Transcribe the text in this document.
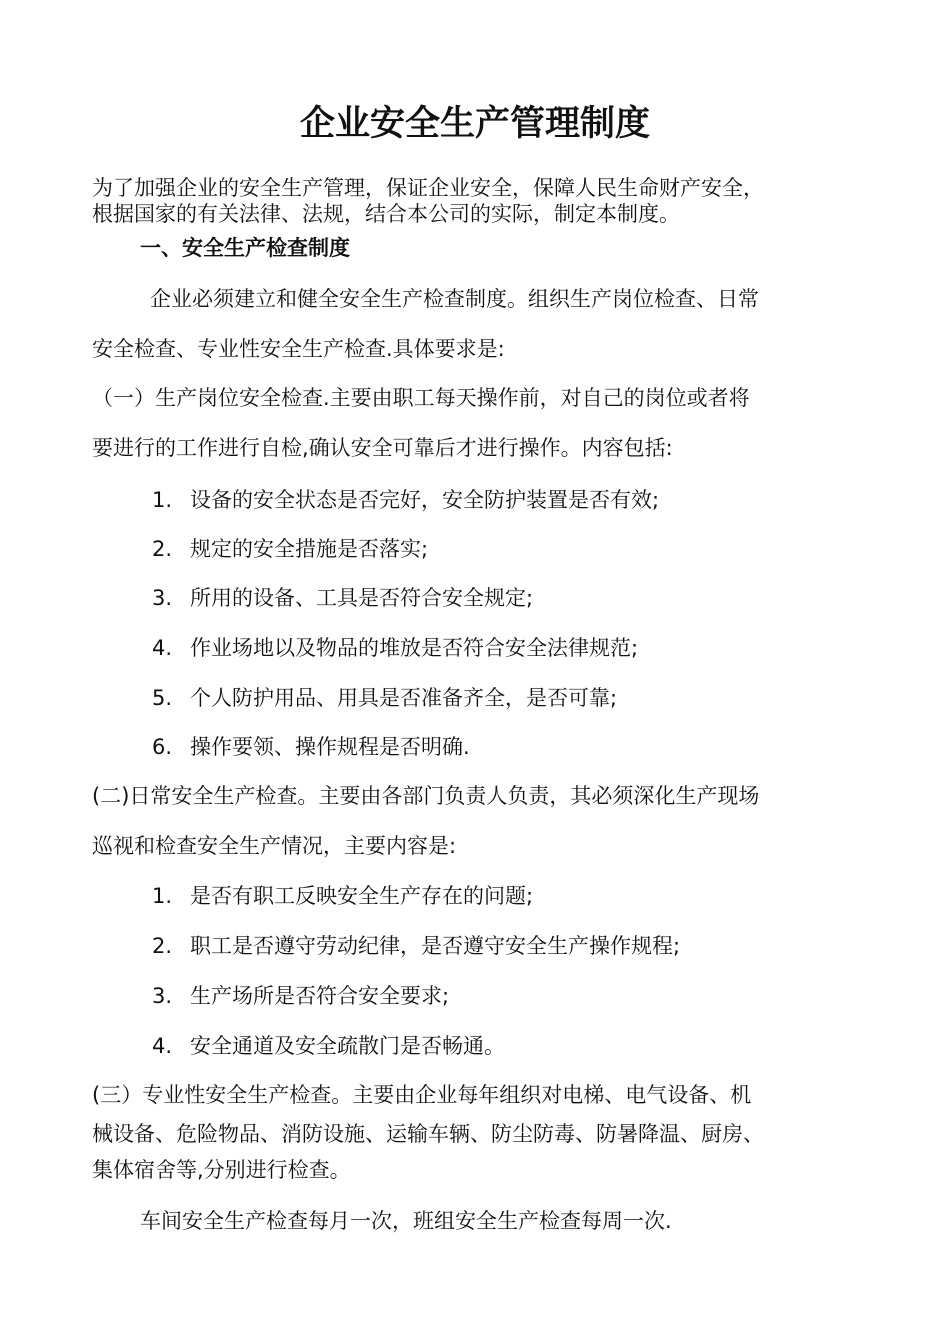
企业安全生产管理制度
为了加强企业的安全生产管理，保证企业安全，保障人民生命财产安全，
根据国家的有关法律、法规，结合本公司的实际，制定本制度。
一、安全生产检查制度
企业必须建立和健全安全生产检查制度。组织生产岗位检查、日常
安全检查、专业性安全生产检查.具体要求是:
（一）生产岗位安全检查.主要由职工每天操作前，对自己的岗位或者将
要进行的工作进行自检,确认安全可靠后才进行操作。内容包括:
1. 设备的安全状态是否完好，安全防护装置是否有效;
2. 规定的安全措施是否落实;
3. 所用的设备、工具是否符合安全规定;
4. 作业场地以及物品的堆放是否符合安全法律规范;
5. 个人防护用品、用具是否准备齐全，是否可靠;
6. 操作要领、操作规程是否明确.
(二)日常安全生产检查。主要由各部门负责人负责，其必须深化生产现场
巡视和检查安全生产情况，主要内容是:
1. 是否有职工反映安全生产存在的问题;
2. 职工是否遵守劳动纪律，是否遵守安全生产操作规程;
3. 生产场所是否符合安全要求;
4. 安全通道及安全疏散门是否畅通。
(三）专业性安全生产检查。主要由企业每年组织对电梯、电气设备、机
械设备、危险物品、消防设施、运输车辆、防尘防毒、防暑降温、厨房、
集体宿舍等,分别进行检查。
车间安全生产检查每月一次，班组安全生产检查每周一次.
